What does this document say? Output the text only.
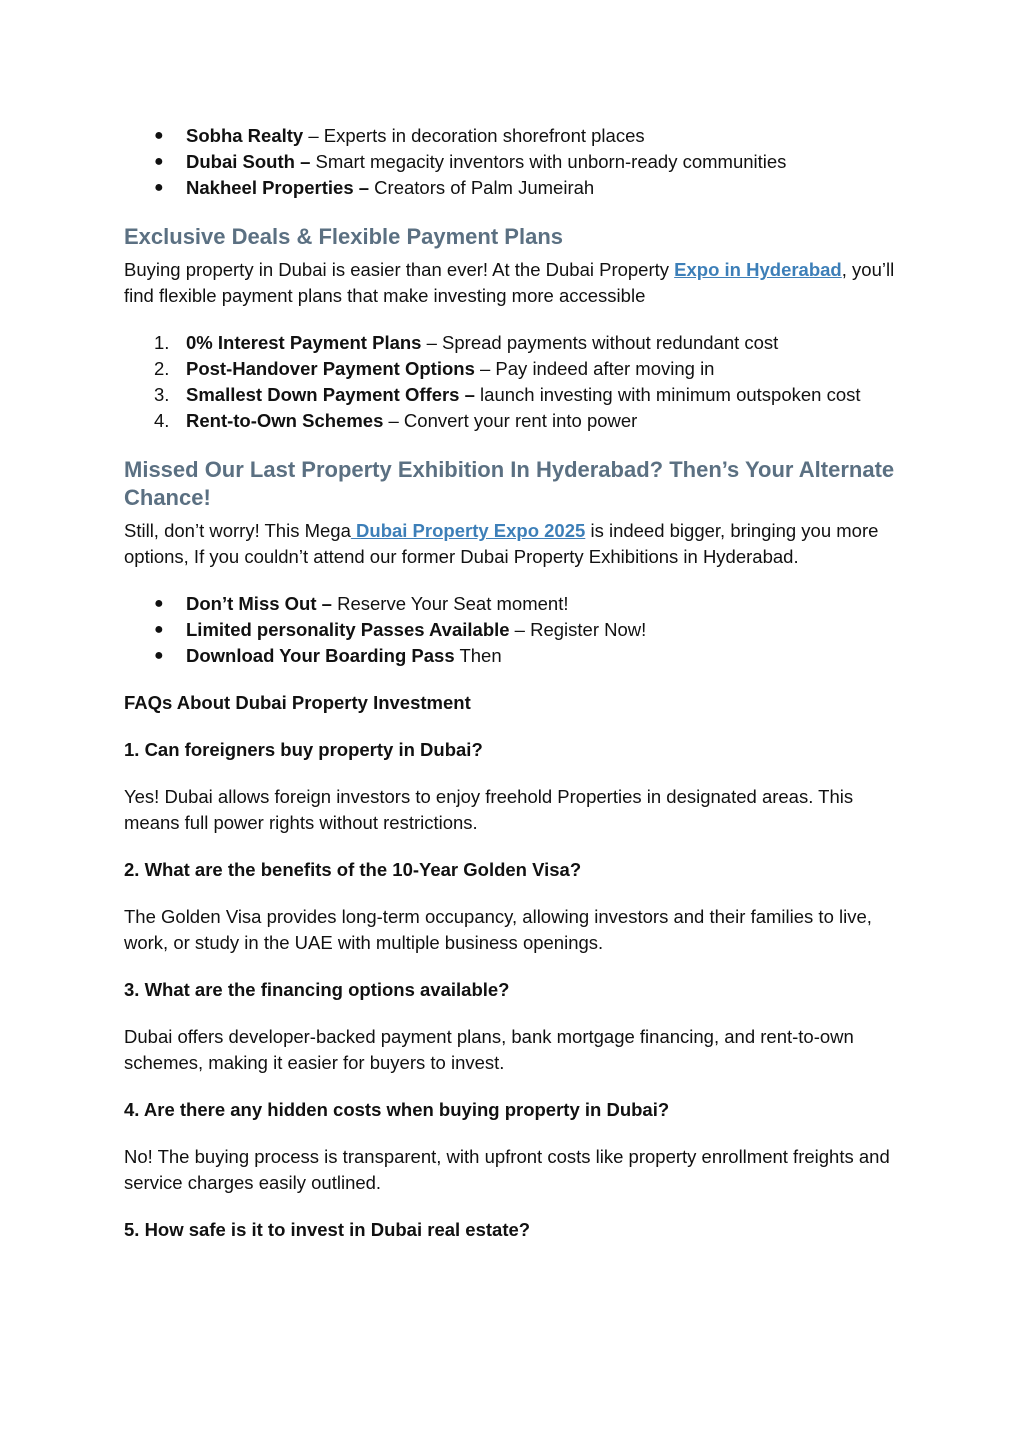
● Sobha Realty – Experts in decoration shorefront places
● Dubai South – Smart megacity inventors with unborn-ready communities
● Nakheel Properties – Creators of Palm Jumeirah
Exclusive Deals & Flexible Payment Plans

Buying property in Dubai is easier than ever! At the Dubai Property Expo in Hyderabad, you’ll find flexible payment plans that make investing more accessible

1. 0% Interest Payment Plans – Spread payments without redundant cost
2. Post-Handover Payment Options – Pay indeed after moving in
3. Smallest Down Payment Offers – launch investing with minimum outspoken cost
4. Rent-to-Own Schemes – Convert your rent into power
Missed Our Last Property Exhibition In Hyderabad? Then’s Your Alternate Chance!

Still, don’t worry! This Mega Dubai Property Expo 2025 is indeed bigger, bringing you more options, If you couldn’t attend our former Dubai Property Exhibitions in Hyderabad.

● Don’t Miss Out – Reserve Your Seat moment!
● Limited personality Passes Available – Register Now!
● Download Your Boarding Pass Then

FAQs About Dubai Property Investment

1. Can foreigners buy property in Dubai?

Yes! Dubai allows foreign investors to enjoy freehold Properties in designated areas. This means full power rights without restrictions.

2. What are the benefits of the 10-Year Golden Visa?

The Golden Visa provides long-term occupancy, allowing investors and their families to live, work, or study in the UAE with multiple business openings.

3. What are the financing options available?

Dubai offers developer-backed payment plans, bank mortgage financing, and rent-to-own schemes, making it easier for buyers to invest.

4. Are there any hidden costs when buying property in Dubai?

No! The buying process is transparent, with upfront costs like property enrollment freights and service charges easily outlined.

5. How safe is it to invest in Dubai real estate?
